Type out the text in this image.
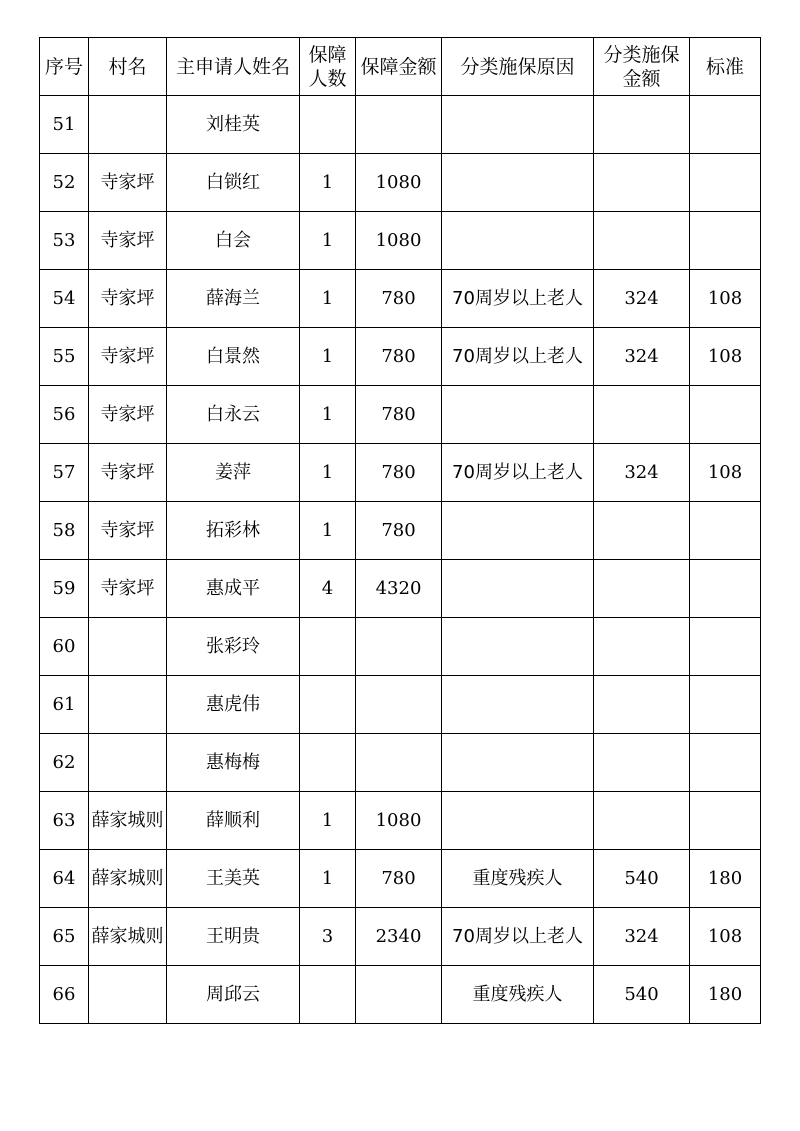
序号	村名	主申请人姓名	保障人数	保障金额	分类施保原因	分类施保金额	标准
51		刘桂英					
52	寺家坪	白锁红	1	1080			
53	寺家坪	白会	1	1080			
54	寺家坪	薛海兰	1	780	70周岁以上老人	324	108
55	寺家坪	白景然	1	780	70周岁以上老人	324	108
56	寺家坪	白永云	1	780			
57	寺家坪	姜萍	1	780	70周岁以上老人	324	108
58	寺家坪	拓彩林	1	780			
59	寺家坪	惠成平	4	4320			
60		张彩玲					
61		惠虎伟					
62		惠梅梅					
63	薛家城则	薛顺利	1	1080			
64	薛家城则	王美英	1	780	重度残疾人	540	180
65	薛家城则	王明贵	3	2340	70周岁以上老人	324	108
66		周邱云			重度残疾人	540	180
